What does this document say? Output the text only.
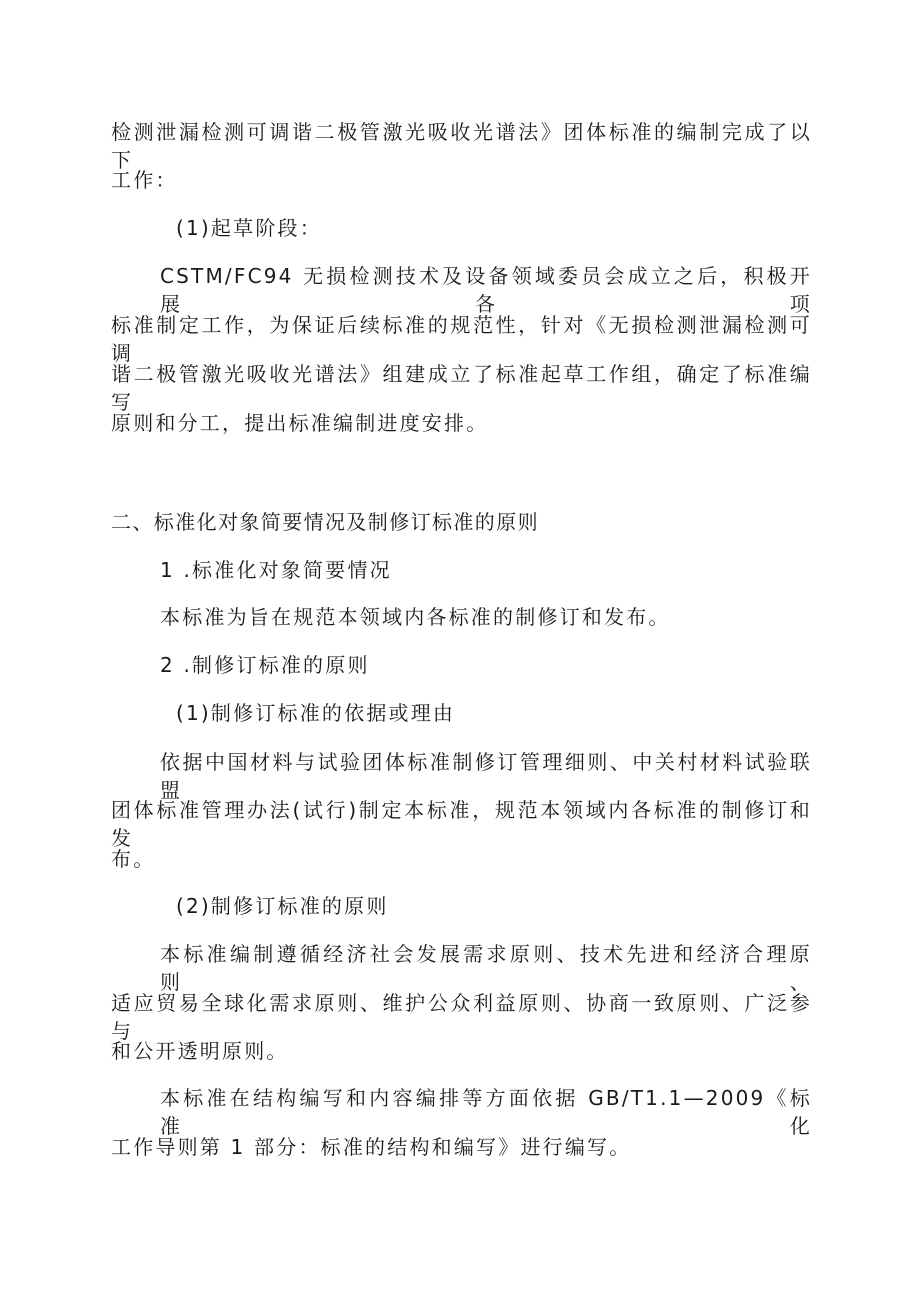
检测泄漏检测可调谐二极管激光吸收光谱法》团体标准的编制完成了以下
工作：
(1)起草阶段：
CSTM/FC94 无损检测技术及设备领域委员会成立之后，积极开展各项
标准制定工作，为保证后续标准的规范性，针对《无损检测泄漏检测可调
谐二极管激光吸收光谱法》组建成立了标准起草工作组，确定了标准编写
原则和分工，提出标准编制进度安排。
二、标准化对象简要情况及制修订标准的原则
1 .标准化对象简要情况
本标准为旨在规范本领域内各标准的制修订和发布。
2 .制修订标准的原则
(1)制修订标准的依据或理由
依据中国材料与试验团体标准制修订管理细则、中关村材料试验联盟
团体标准管理办法(试行)制定本标准，规范本领域内各标准的制修订和发
布。
(2)制修订标准的原则
本标准编制遵循经济社会发展需求原则、技术先进和经济合理原则、
适应贸易全球化需求原则、维护公众利益原则、协商一致原则、广泛参与
和公开透明原则。
本标准在结构编写和内容编排等方面依据 GB/T1.1—2009《标准化
工作导则第 1 部分：标准的结构和编写》进行编写。
